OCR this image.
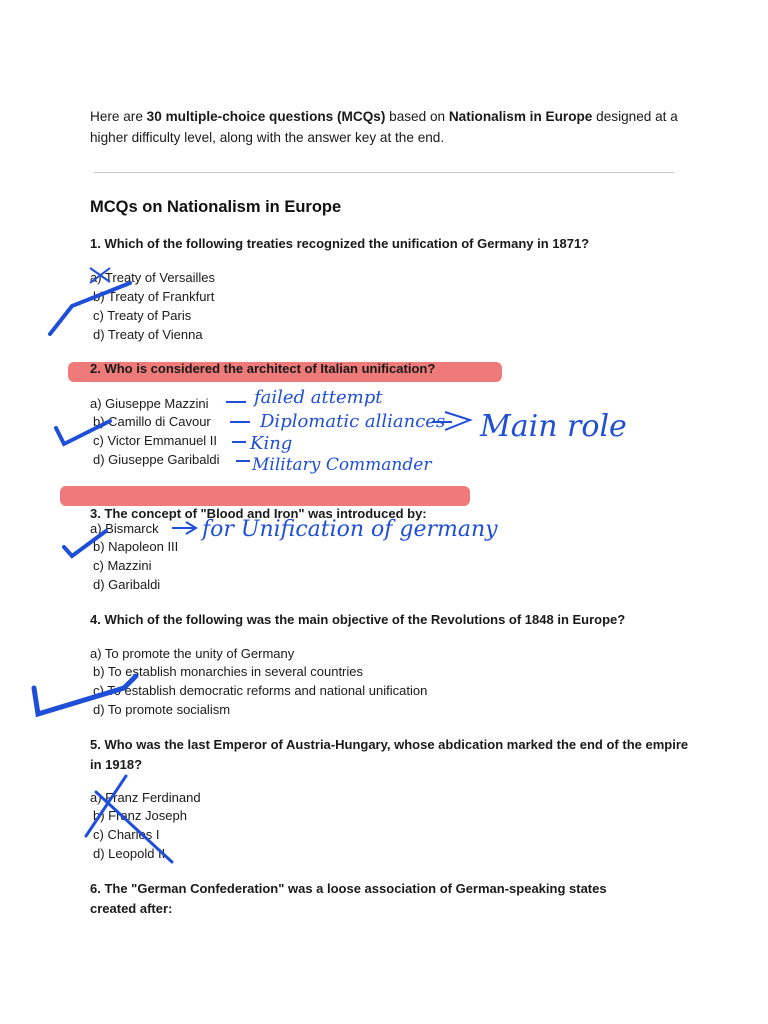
Here are 30 multiple-choice questions (MCQs) based on Nationalism in Europe designed at a higher difficulty level, along with the answer key at the end.
MCQs on Nationalism in Europe
1. Which of the following treaties recognized the unification of Germany in 1871?
a) Treaty of Versailles
b) Treaty of Frankfurt
c) Treaty of Paris
d) Treaty of Vienna
2. Who is considered the architect of Italian unification?
a) Giuseppe Mazzini
b) Camillo di Cavour
c) Victor Emmanuel II
d) Giuseppe Garibaldi
3. The concept of "Blood and Iron" was introduced by:
a) Bismarck
b) Napoleon III
c) Mazzini
d) Garibaldi
4. Which of the following was the main objective of the Revolutions of 1848 in Europe?
a) To promote the unity of Germany
b) To establish monarchies in several countries
c) To establish democratic reforms and national unification
d) To promote socialism
5. Who was the last Emperor of Austria-Hungary, whose abdication marked the end of the empire in 1918?
a) Franz Ferdinand
b) Franz Joseph
c) Charles I
d) Leopold II
6. The "German Confederation" was a loose association of German-speaking states created after:
failed attempt
Diplomatic alliances
King
Military Commander
Main role
for Unification of germany
